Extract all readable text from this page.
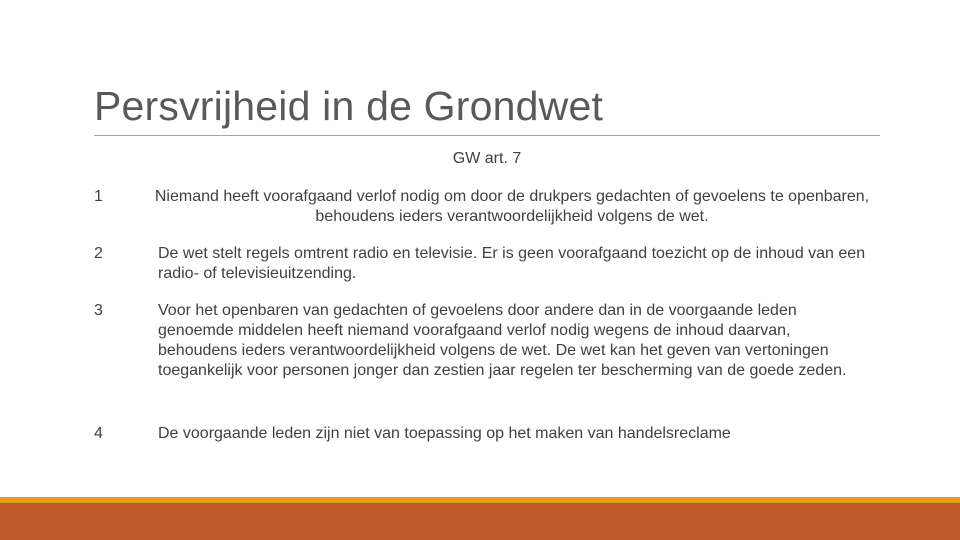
Persvrijheid in de Grondwet
GW art. 7
1	Niemand heeft voorafgaand verlof nodig om door de drukpers gedachten of gevoelens te openbaren, behoudens ieders verantwoordelijkheid volgens de wet.
2	De wet stelt regels omtrent radio en televisie. Er is geen voorafgaand toezicht op de inhoud van een radio- of televisieuitzending.
3	Voor het openbaren van gedachten of gevoelens door andere dan in de voorgaande leden genoemde middelen heeft niemand voorafgaand verlof nodig wegens de inhoud daarvan, behoudens ieders verantwoordelijkheid volgens de wet. De wet kan het geven van vertoningen toegankelijk voor personen jonger dan zestien jaar regelen ter bescherming van de goede zeden.
4	De voorgaande leden zijn niet van toepassing op het maken van handelsreclame
